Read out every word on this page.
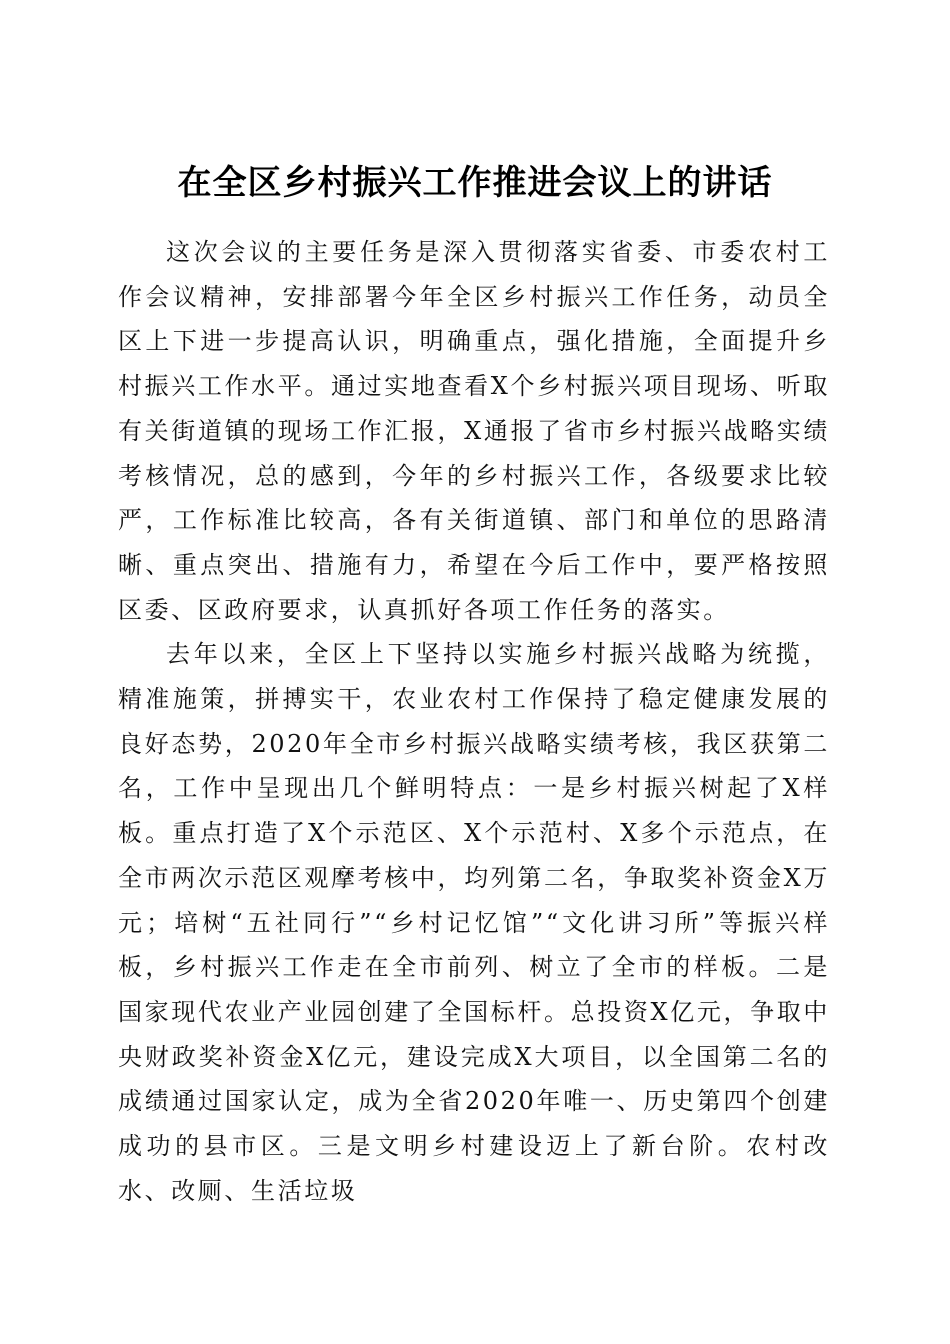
在全区乡村振兴工作推进会议上的讲话

这次会议的主要任务是深入贯彻落实省委、市委农村工作会议精神，安排部署今年全区乡村振兴工作任务，动员全区上下进一步提高认识，明确重点，强化措施，全面提升乡村振兴工作水平。通过实地查看X个乡村振兴项目现场、听取有关街道镇的现场工作汇报，X通报了省市乡村振兴战略实绩考核情况，总的感到，今年的乡村振兴工作，各级要求比较严，工作标准比较高，各有关街道镇、部门和单位的思路清晰、重点突出、措施有力，希望在今后工作中，要严格按照区委、区政府要求，认真抓好各项工作任务的落实。

去年以来，全区上下坚持以实施乡村振兴战略为统揽，精准施策，拼搏实干，农业农村工作保持了稳定健康发展的良好态势，2020年全市乡村振兴战略实绩考核，我区获第二名，工作中呈现出几个鲜明特点：一是乡村振兴树起了X样板。重点打造了X个示范区、X个示范村、X多个示范点，在全市两次示范区观摩考核中，均列第二名，争取奖补资金X万元；培树“五社同行”“乡村记忆馆”“文化讲习所”等振兴样板，乡村振兴工作走在全市前列、树立了全市的样板。二是国家现代农业产业园创建了全国标杆。总投资X亿元，争取中央财政奖补资金X亿元，建设完成X大项目，以全国第二名的成绩通过国家认定，成为全省2020年唯一、历史第四个创建成功的县市区。三是文明乡村建设迈上了新台阶。农村改水、改厕、生活垃圾
